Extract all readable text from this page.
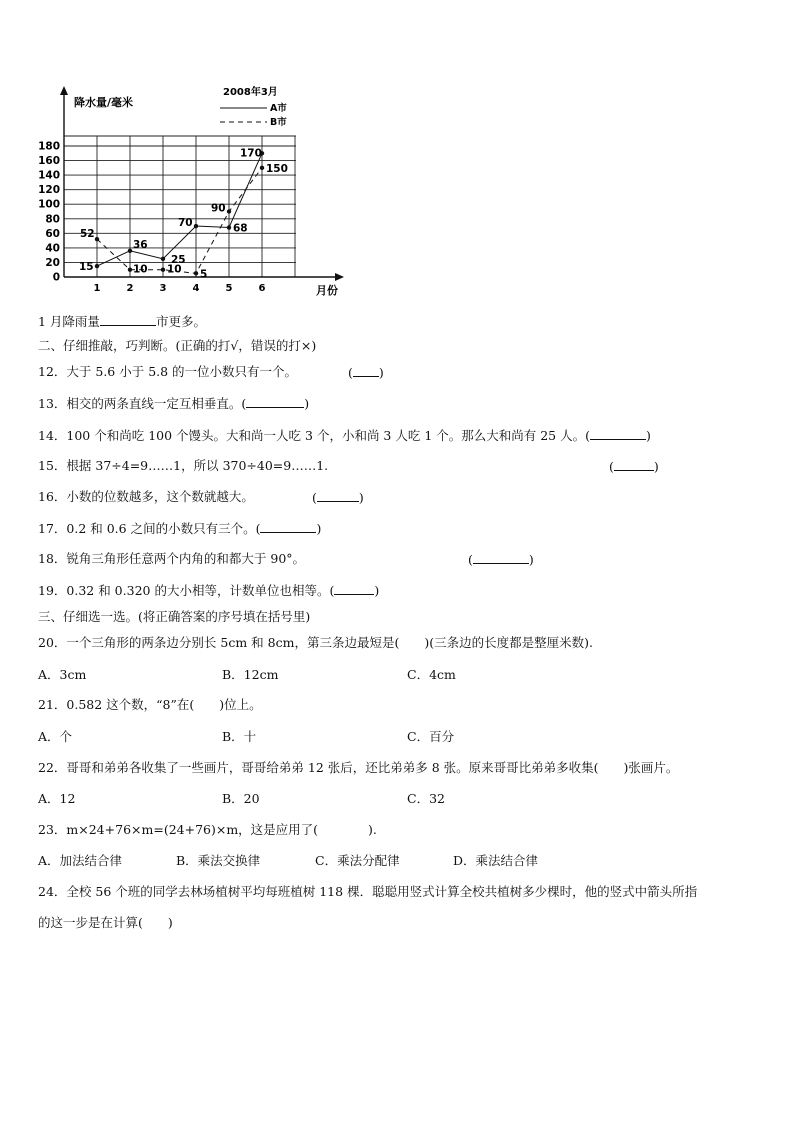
降水量/毫米
2008年3月
A市
B市
月份
0
20
40
60
80
100
120
140
160
180
1	2	3	4	5	6
15
36
25
70	68
170
52
10 10 5
90
150
1 月降雨量	市更多。
二、仔细推敲，巧判断。(正确的打√，错误的打×)
12．大于 5.6 小于 5.8 的一位小数只有一个。	( )
13．相交的两条直线一定互相垂直。(	)
14．100 个和尚吃 100 个馒头。大和尚一人吃 3 个，小和尚 3 人吃 1 个。那么大和尚有 25 人。(	)
15．根据 37÷4=9……1，所以 370÷40=9……1.	(	)
16．小数的位数越多，这个数就越大。	(	)
17．0.2 和 0.6 之间的小数只有三个。(	)
18．锐角三角形任意两个内角的和都大于 90°。	(	)
19．0.32 和 0.320 的大小相等，计数单位也相等。(	)
三、仔细选一选。(将正确答案的序号填在括号里)
20．一个三角形的两条边分别长 5cm 和 8cm，第三条边最短是(　　)(三条边的长度都是整厘米数).
A．3cm	B．12cm	C．4cm
21．0.582 这个数，“8”在(　　)位上。
A．个	B．十	C．百分
22．哥哥和弟弟各收集了一些画片，哥哥给弟弟 12 张后，还比弟弟多 8 张。原来哥哥比弟弟多收集(　　)张画片。
A．12	B．20	C．32
23．m×24+76×m=(24+76)×m，这是应用了(　　　　).
A．加法结合律	B．乘法交换律	C．乘法分配律	D．乘法结合律
24．全校 56 个班的同学去林场植树平均每班植树 118 棵．聪聪用竖式计算全校共植树多少棵时，他的竖式中箭头所指
的这一步是在计算(　　)
